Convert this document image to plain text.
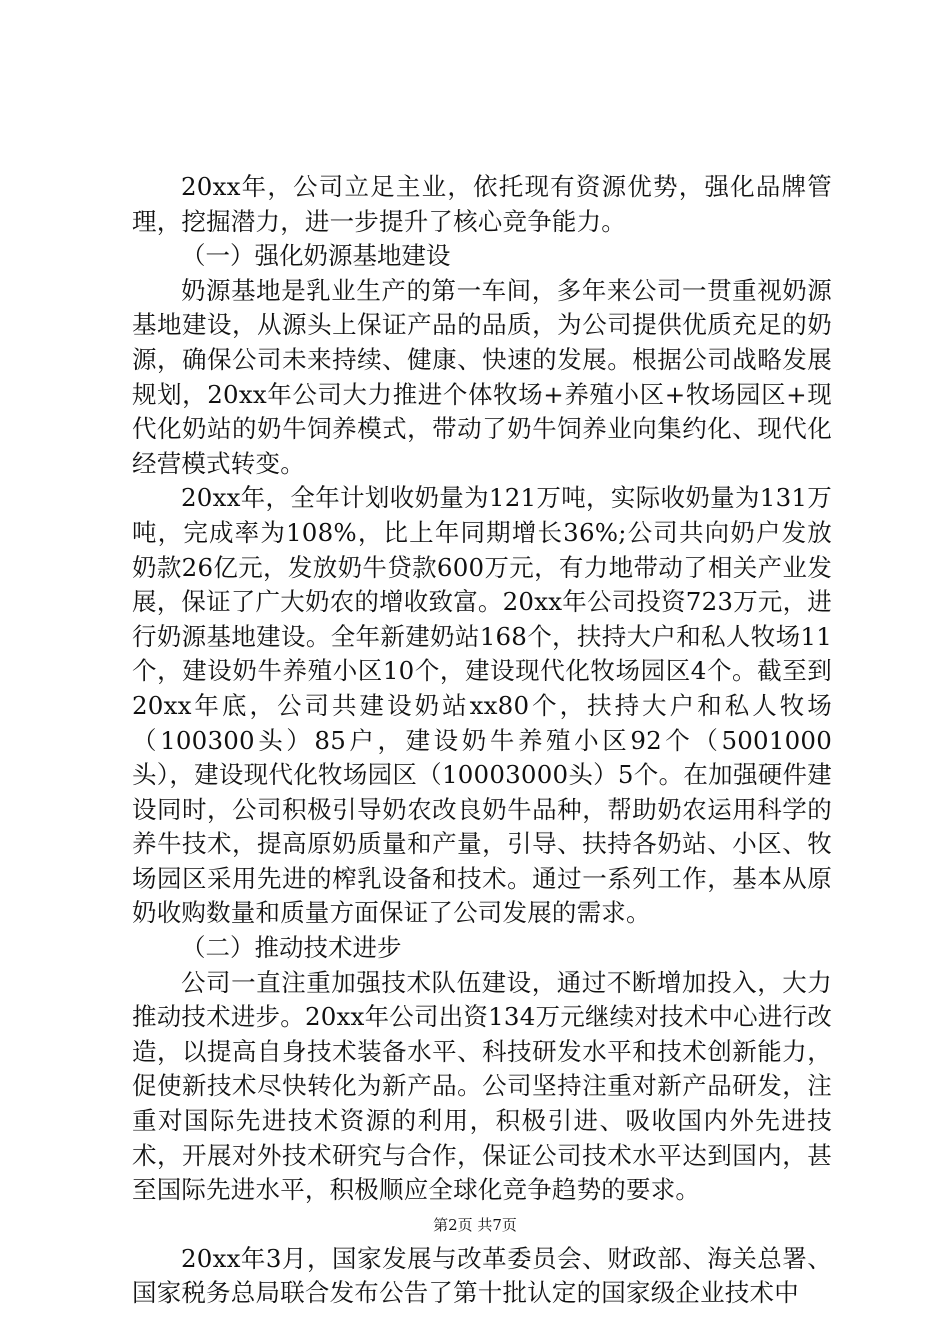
20xx年，公司立足主业，依托现有资源优势，强化品牌管理，挖掘潜力，进一步提升了核心竞争能力。

（一）强化奶源基地建设

奶源基地是乳业生产的第一车间，多年来公司一贯重视奶源基地建设，从源头上保证产品的品质，为公司提供优质充足的奶源，确保公司未来持续、健康、快速的发展。根据公司战略发展规划，20xx年公司大力推进个体牧场+养殖小区+牧场园区+现代化奶站的奶牛饲养模式，带动了奶牛饲养业向集约化、现代化经营模式转变。

20xx年，全年计划收奶量为121万吨，实际收奶量为131万吨，完成率为108%，比上年同期增长36%;公司共向奶户发放奶款26亿元，发放奶牛贷款600万元，有力地带动了相关产业发展，保证了广大奶农的增收致富。20xx年公司投资723万元，进行奶源基地建设。全年新建奶站168个，扶持大户和私人牧场11个，建设奶牛养殖小区10个，建设现代化牧场园区4个。截至到20xx年底，公司共建设奶站xx80个，扶持大户和私人牧场（100300头）85户，建设奶牛养殖小区92个（5001000头），建设现代化牧场园区（10003000头）5个。在加强硬件建设同时，公司积极引导奶农改良奶牛品种，帮助奶农运用科学的养牛技术，提高原奶质量和产量，引导、扶持各奶站、小区、牧场园区采用先进的榨乳设备和技术。通过一系列工作，基本从原奶收购数量和质量方面保证了公司发展的需求。

（二）推动技术进步

公司一直注重加强技术队伍建设，通过不断增加投入，大力推动技术进步。20xx年公司出资134万元继续对技术中心进行改造，以提高自身技术装备水平、科技研发水平和技术创新能力，促使新技术尽快转化为新产品。公司坚持注重对新产品研发，注重对国际先进技术资源的利用，积极引进、吸收国内外先进技术，开展对外技术研究与合作，保证公司技术水平达到国内，甚至国际先进水平，积极顺应全球化竞争趋势的要求。

20xx年3月，国家发展与改革委员会、财政部、海关总署、国家税务总局联合发布公告了第十批认定的国家级企业技术中

第2页 共7页
